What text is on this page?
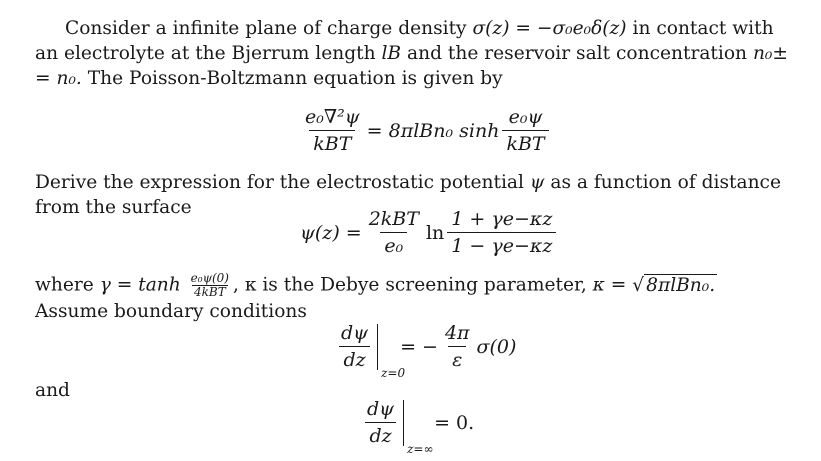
Consider a infinite plane of charge density σ(z) = −σ₀e₀δ(z) in contact with an electrolyte at the Bjerrum length lB and the reservoir salt concentration n₀± = n₀. The Poisson-Boltzmann equation is given by
$\frac{\text{e₀∇²ψ}}{\text{kBT}} = 8\pi lBn_0$ $\sinh \frac{\text{e₀ψ}}{\text{kBT}}$
Derive the expression for the electrostatic potential ψ as a function of distance from the surface
$\psi(z) = \frac{\text{2kBT}}{\text{e₀}}$ $\ln \frac{1 + \gamma e-\kappa z}{1 - \gamma e-\kappa z}$
where $\gamma = \tanh \frac{\text{e₀ψ(0)}}{\text{4kBT}}$ , κ is the Debye screening parameter, κ = √ 8πlBn₀. Assume boundary conditions
$\frac{d\psi}{dz}$
z=0
= − $\frac{4\pi}{\varepsilon} \sigma(0)$
and
$\frac{d\psi}{dz}$
z=∞
= 0.
